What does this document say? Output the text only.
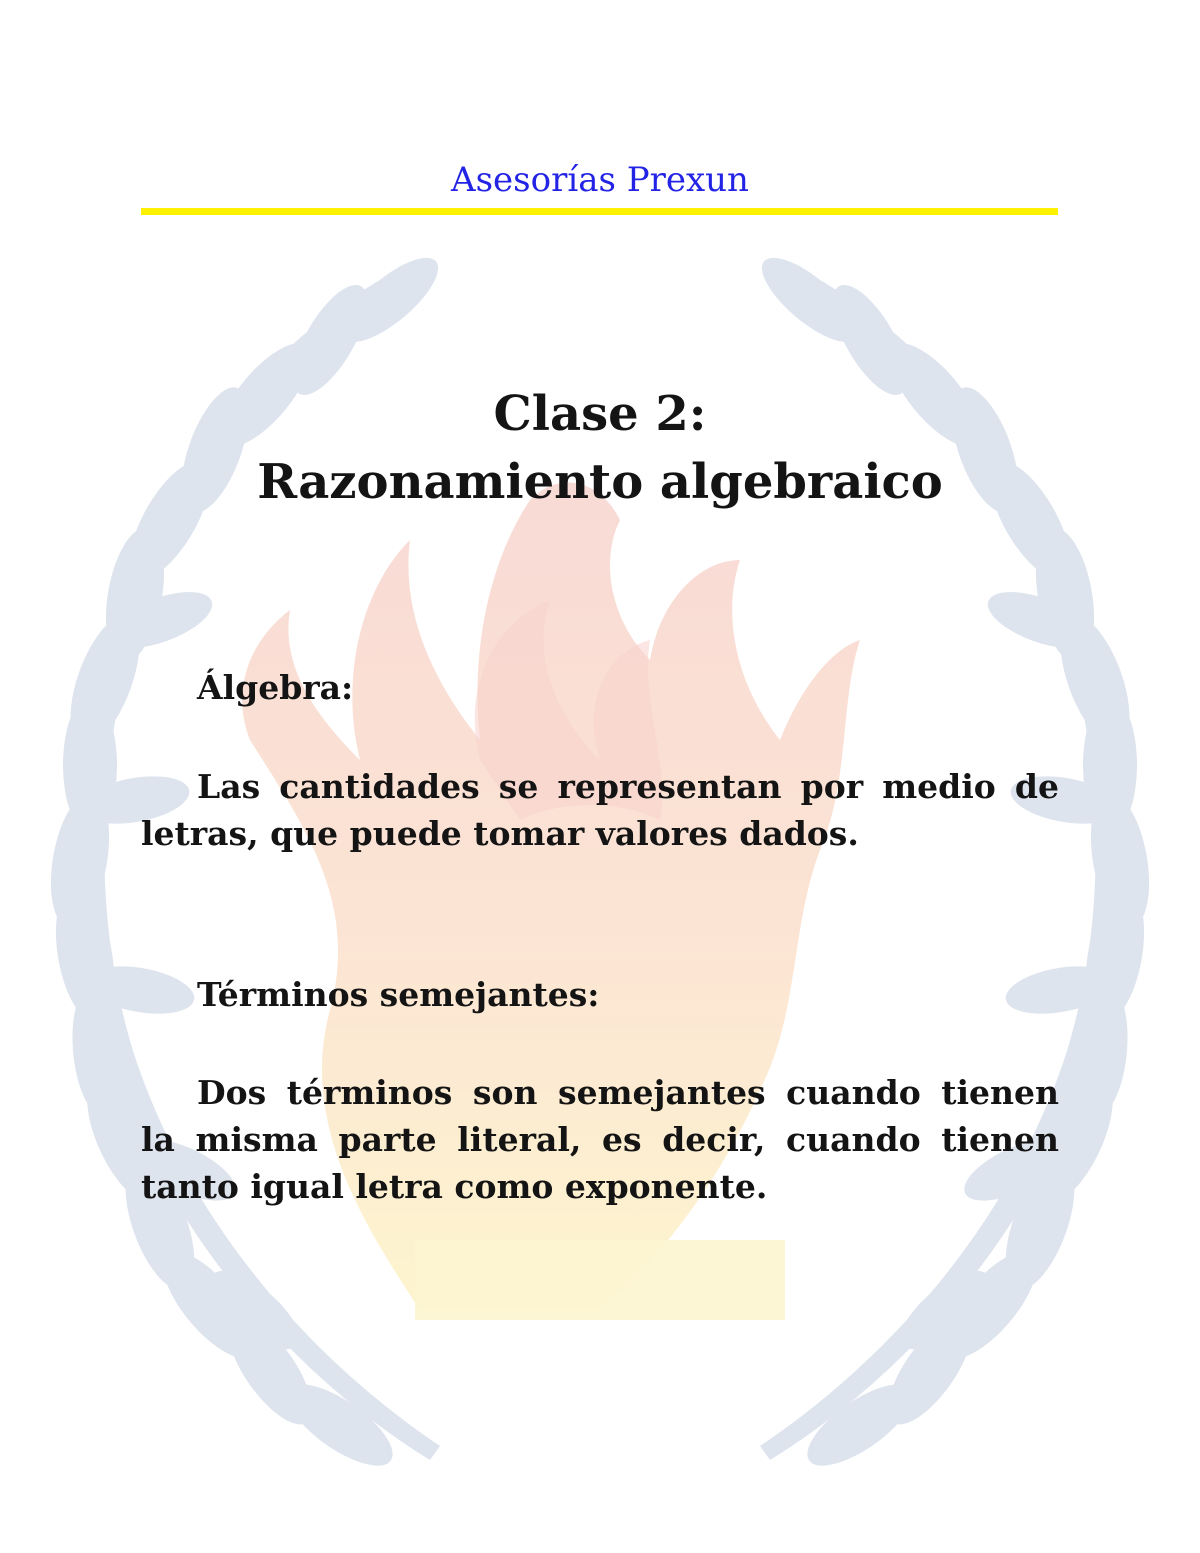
Asesorías Prexun
Clase 2:
Razonamiento algebraico
Álgebra:
Las cantidades se representan por medio de letras, que puede tomar valores dados.
Términos semejantes:
Dos términos son semejantes cuando tienen la misma parte literal, es decir, cuando tienen tanto igual letra como exponente.
